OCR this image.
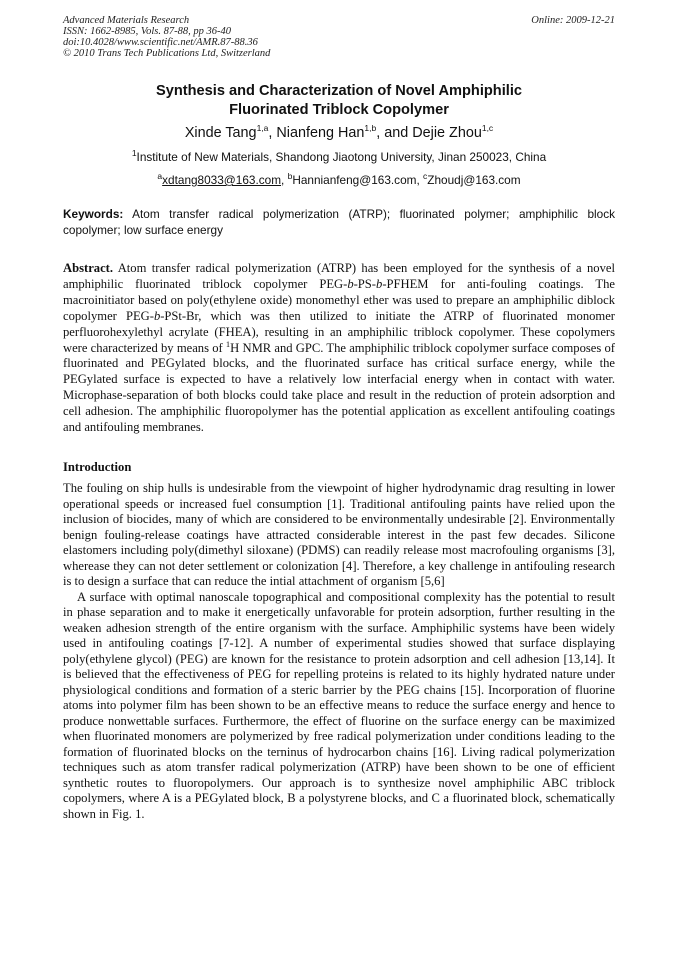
Advanced Materials Research
ISSN: 1662-8985, Vols. 87-88, pp 36-40
doi:10.4028/www.scientific.net/AMR.87-88.36
© 2010 Trans Tech Publications Ltd, Switzerland
Online: 2009-12-21
Synthesis and Characterization of Novel Amphiphilic
Fluorinated Triblock Copolymer
Xinde Tang$^{1,a}$, Nianfeng Han$^{1,b}$, and Dejie Zhou$^{1,c}$
$^1$Institute of New Materials, Shandong Jiaotong University, Jinan 250023, China
$^a$xdtang8033@163.com, $^b$Hannianfeng@163.com, $^c$Zhoudj@163.com
Keywords: Atom transfer radical polymerization (ATRP); fluorinated polymer; amphiphilic block copolymer; low surface energy
Abstract. Atom transfer radical polymerization (ATRP) has been employed for the synthesis of a novel amphiphilic fluorinated triblock copolymer PEG-b-PS-b-PFHEM for anti-fouling coatings. The macroinitiator based on poly(ethylene oxide) monomethyl ether was used to prepare an amphiphilic diblock copolymer PEG-b-PSt-Br, which was then utilized to initiate the ATRP of fluorinated monomer perfluorohexylethyl acrylate (FHEA), resulting in an amphiphilic triblock copolymer. These copolymers were characterized by means of $^1$H NMR and GPC. The amphiphilic triblock copolymer surface composes of fluorinated and PEGylated blocks, and the fluorinated surface has critical surface energy, while the PEGylated surface is expected to have a relatively low interfacial energy when in contact with water. Microphase-separation of both blocks could take place and result in the reduction of protein adsorption and cell adhesion. The amphiphilic fluoropolymer has the potential application as excellent antifouling coatings and antifouling membranes.
Introduction

The fouling on ship hulls is undesirable from the viewpoint of higher hydrodynamic drag resulting in lower operational speeds or increased fuel consumption [1]. Traditional antifouling paints have relied upon the inclusion of biocides, many of which are considered to be environmentally undesirable [2]. Environmentally benign fouling-release coatings have attracted considerable interest in the past few decades. Silicone elastomers including poly(dimethyl siloxane) (PDMS) can readily release most macrofouling organisms [3], wherease they can not deter settlement or colonization [4]. Therefore, a key challenge in antifouling research is to design a surface that can reduce the intial attachment of organism [5,6]

A surface with optimal nanoscale topographical and compositional complexity has the potential to result in phase separation and to make it energetically unfavorable for protein adsorption, further resulting in the weaken adhesion strength of the entire organism with the surface. Amphiphilic systems have been widely used in antifouling coatings [7-12]. A number of experimental studies showed that surface displaying poly(ethylene glycol) (PEG) are known for the resistance to protein adsorption and cell adhesion [13,14]. It is believed that the effectiveness of PEG for repelling proteins is related to its highly hydrated nature under physiological conditions and formation of a steric barrier by the PEG chains [15]. Incorporation of fluorine atoms into polymer film has been shown to be an effective means to reduce the surface energy and hence to produce nonwettable surfaces. Furthermore, the effect of fluorine on the surface energy can be maximized when fluorinated monomers are polymerized by free radical polymerization under conditions leading to the formation of fluorinated blocks on the terninus of hydrocarbon chains [16]. Living radical polymerization techniques such as atom transfer radical polymerization (ATRP) have been shown to be one of efficient synthetic routes to fluoropolymers. Our approach is to synthesize novel amphiphilic ABC triblock copolymers, where A is a PEGylated block, B a polystyrene blocks, and C a fluorinated block, schematically shown in Fig. 1.
